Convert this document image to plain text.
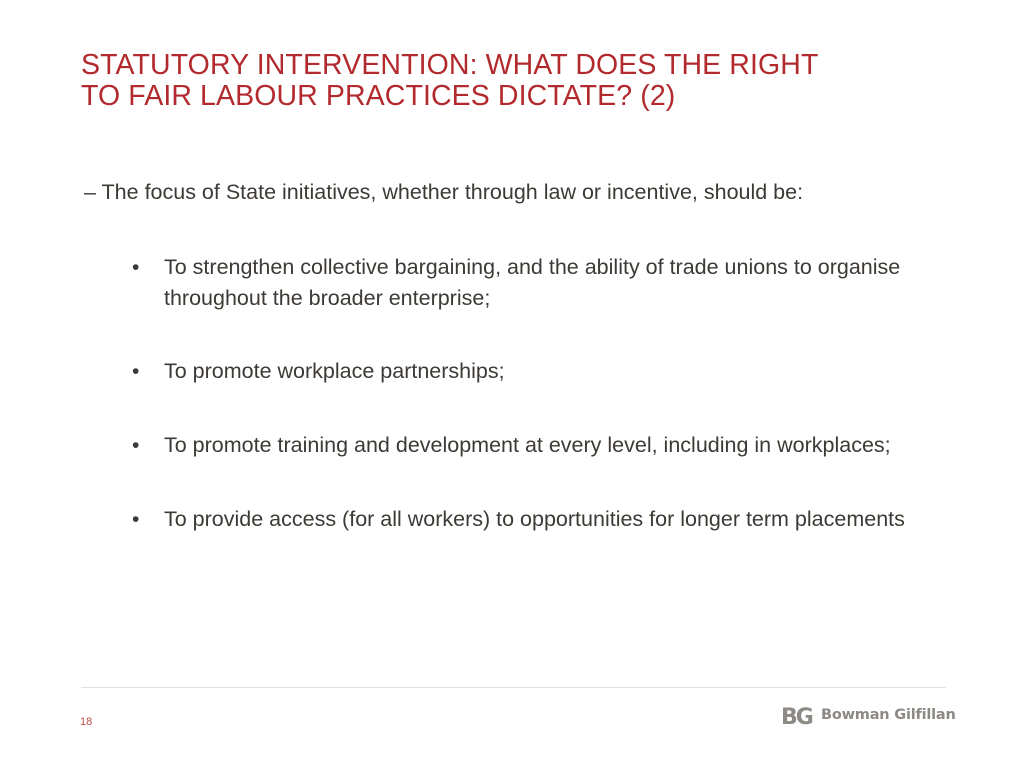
STATUTORY INTERVENTION: WHAT DOES THE RIGHT
TO FAIR LABOUR PRACTICES DICTATE? (2)
– The focus of State initiatives, whether through law or incentive, should be:
• To strengthen collective bargaining, and the ability of trade unions to organise throughout the broader enterprise;
• To promote workplace partnerships;
• To promote training and development at every level, including in workplaces;
• To provide access (for all workers) to opportunities for longer term placements
18	BG Bowman Gilfillan
